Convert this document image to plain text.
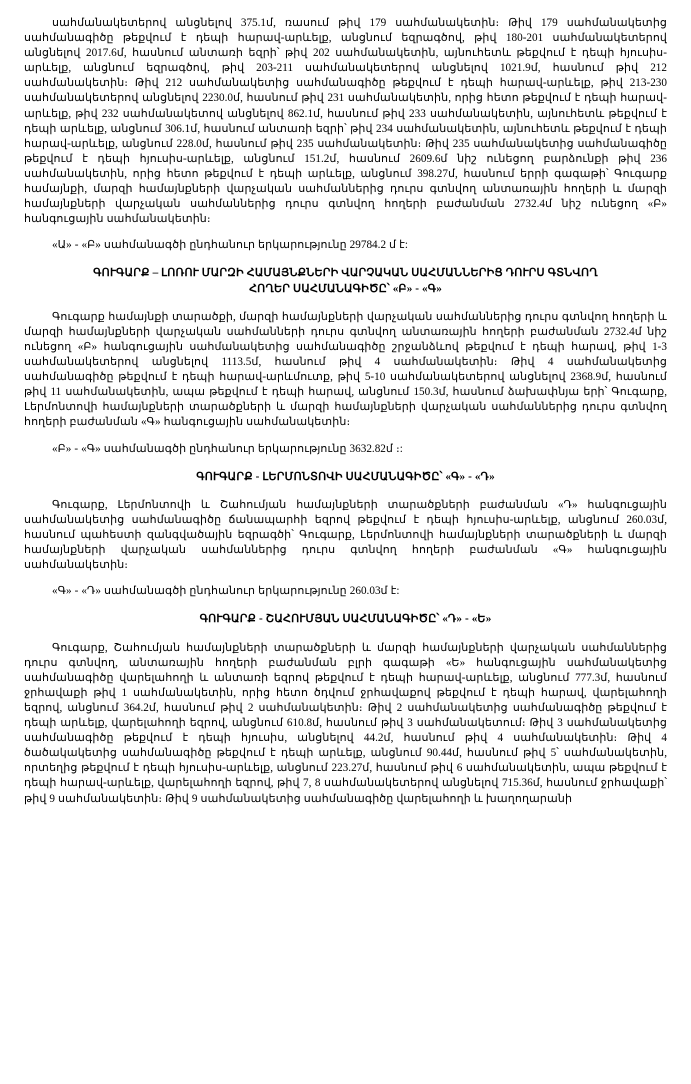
սահմանակետերով անցնելով 375.1մ, ռասում թիվ 179 սահմանակետին։ Թիվ 179 սահմանակետից սահմանագիծը թեքվում է դեպի հարավ-արևելք, անցնում եզրագծով, թիվ 180-201 սահմանակետերով անցնելով 2017.6մ, հասնում անտառի եզրի՝ թիվ 202 սահմանակետին, այնուհետև թեքվում է դեպի հյուսիս-արևելք, անցնում եզրագծով, թիվ 203-211 սահմանակետերով անցնելով 1021.9մ, հասնում թիվ 212 սահմանակետին։ Թիվ 212 սահմանակետից սահմանագիծը թեքվում է դեպի հարավ-արևելք, թիվ 213-230 սահմանակետերով անցնելով 2230.0մ, հասնում թիվ 231 սահմանակետին, որից հետո թեքվում է դեպի հարավ-արևելք, թիվ 232 սահմանակետով անցնելով 862.1մ, հասնում թիվ 233 սահմանակետին, այնուհետև թեքվում է դեպի արևելք, անցնում 306.1մ, հասնում անտառի եզրի՝ թիվ 234 սահմանակետին, այնուհետև թեքվում է դեպի հարավ-արևելք, անցնում 228.0մ, հասնում թիվ 235 սահմանակետին։ Թիվ 235 սահմանակետից սահմանագիծը թեքվում է դեպի հյուսիս-արևելք, անցնում 151.2մ, հասնում 2609.6մ նիշ ունեցող բարձունքի թիվ 236 սահմանակետին, որից հետո թեքվում է դեպի արևելք, անցնում 398.27մ, հասնում երրի գագաթի՝ Գուգարք համայնքի, մարզի համայնքների վարչական սահմաններից դուրս գտնվող անտառային հողերի և մարզի համայնքների վարչական սահմաններից դուրս գտնվող հողերի բաժանման 2732.4մ նիշ ունեցող «Բ» հանգուցային սահմանակետին։

«Ա» - «Բ» սահմանագծի ընդհանուր երկարությունը 29784.2 մ է:

ԳՈՒԳԱՐՔ – ԼՈՌՈՒ ՄԱՐԶԻ ՀԱՄԱՅՆՔՆԵՐԻ ՎԱՐՉԱԿԱՆ ՍԱՀՄԱՆՆԵՐԻՑ ԴՈՒՐՍ ԳՏՆՎՈՂ
ՀՈՂԵՐ ՍԱՀՄԱՆԱԳԻԾԸ՝ «Բ» - «Գ»

Գուգարք համայնքի տարածքի, մարզի համայնքների վարչական սահմաններից դուրս գտնվող հողերի և մարզի համայնքների վարչական սահմանների դուրս գտնվող անտառային հողերի բաժանման 2732.4մ նիշ ունեցող «Բ» հանգուցային սահմանակետից սահմանագիծը շրջանձևով թեքվում է դեպի հարավ, թիվ 1-3 սահմանակետերով անցնելով 1113.5մ, հասնում թիվ 4 սահմանակետին։ Թիվ 4 սահմանակետից սահմանագիծը թեքվում է դեպի հարավ-արևմուտք, թիվ 5-10 սահմանակետերով անցնելով 2368.9մ, հասնում թիվ 11 սահմանակետին, ապա թեքվում է դեպի հարավ, անցնում 150.3մ, հասնում ձախափնյա երի՝ Գուգարք, Լերմոնտովի համայնքների տարածքների և մարզի համայնքների վարչական սահմաններից դուրս գտնվող հողերի բաժանման «Գ» հանգուցային սահմանակետին։

«Բ» - «Գ» սահմանագծի ընդհանուր երկարությունը 3632.82մ ։:

ԳՈՒԳԱՐՔ - ԼԵՐՄՈՆՏՈՎԻ ՍԱՀՄԱՆԱԳԻԾԸ՝ «Գ» - «Դ»

Գուգարք, Լերմոնտովի և Շահումյան համայնքների տարածքների բաժանման «Դ» հանգուցային սահմանակետից սահմանագիծը ճանապարհի եզրով թեքվում է դեպի հյուսիս-արևելք, անցնում 260.03մ, հասնում պահեստի զանգվածային եզրագծի՝ Գուգարք, Լերմոնտովի համայնքների տարածքների և մարզի համայնքների վարչական սահմաններից դուրս գտնվող հողերի բաժանման «Գ» հանգուցային սահմանակետին։

«Գ» - «Դ» սահմանագծի ընդհանուր երկարությունը 260.03մ է:

ԳՈՒԳԱՐՔ - ՇԱՀՈՒՄՅԱՆ ՍԱՀՄԱՆԱԳԻԾԸ՝ «Դ» - «Ե»

Գուգարք, Շահումյան համայնքների տարածքների և մարզի համայնքների վարչական սահմաններից դուրս գտնվող, անտառային հողերի բաժանման բլրի գագաթի «Ե» հանգուցային սահմանակետից սահմանագիծը վարելահողի և անտառի եզրով թեքվում է դեպի հարավ-արևելք, անցնում 777.3մ, հասնում ջրհավաքի թիվ 1 սահմանակետին, որից հետո ծդվում ջրհավաքով թեքվում է դեպի հարավ, վարելահողի եզրով, անցնում 364.2մ, հասնում թիվ 2 սահմանակետին։ Թիվ 2 սահմանակետից սահմանագիծը թեքվում է դեպի արևելք, վարելահողի եզրով, անցնում 610.8մ, հասնում թիվ 3 սահմանակետում։ Թիվ 3 սահմանակետից սահմանագիծը թեքվում է դեպի հյուսիս, անցնելով 44.2մ, հասնում թիվ 4 սահմանակետին։ Թիվ 4 ծածակակետից սահմանագիծը թեքվում է դեպի արևելք, անցնում 90.44մ, հասնում թիվ 5՝ սահմանակետին, որտեղից թեքվում է դեպի հյուսիս-արևելք, անցնում 223.27մ, հասնում թիվ 6 սահմանակետին, ապա թեքվում է դեպի հարավ-արևելք, վարելահողի եզրով, թիվ 7, 8 սահմանակետերով անցնելով 715.36մ, հասնում ջրհավաքի՝ թիվ 9 սահմանակետին։ Թիվ 9 սահմանակետից սահմանագիծը վարելահողի և խաղողարանի
